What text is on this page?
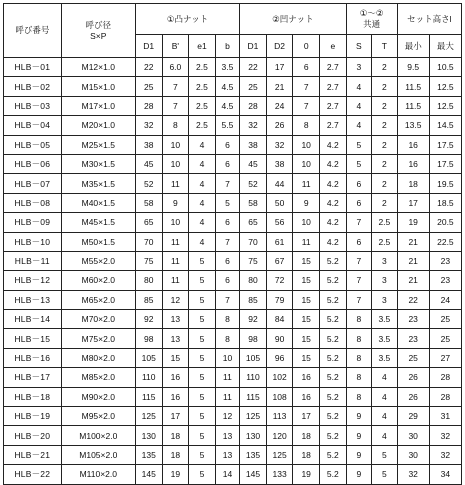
呼び番号	呼び径
S×P	①凸ナット				②凹ナット				①～②
共通		セット高さl	
		D1	B'	e1	b	D1	D2	0	e	S	T	最小	最大
HLB－01	M12×1.0	22	6.0	2.5	3.5	22	17	6	2.7	3	2	9.5	10.5
HLB－02	M15×1.0	25	7	2.5	4.5	25	21	7	2.7	4	2	11.5	12.5
HLB－03	M17×1.0	28	7	2.5	4.5	28	24	7	2.7	4	2	11.5	12.5
HLB－04	M20×1.0	32	8	2.5	5.5	32	26	8	2.7	4	2	13.5	14.5
HLB－05	M25×1.5	38	10	4	6	38	32	10	4.2	5	2	16	17.5
HLB－06	M30×1.5	45	10	4	6	45	38	10	4.2	5	2	16	17.5
HLB－07	M35×1.5	52	11	4	7	52	44	11	4.2	6	2	18	19.5
HLB－08	M40×1.5	58	9	4	5	58	50	9	4.2	6	2	17	18.5
HLB－09	M45×1.5	65	10	4	6	65	56	10	4.2	7	2.5	19	20.5
HLB－10	M50×1.5	70	11	4	7	70	61	11	4.2	6	2.5	21	22.5
HLB－11	M55×2.0	75	11	5	6	75	67	15	5.2	7	3	21	23
HLB－12	M60×2.0	80	11	5	6	80	72	15	5.2	7	3	21	23
HLB－13	M65×2.0	85	12	5	7	85	79	15	5.2	7	3	22	24
HLB－14	M70×2.0	92	13	5	8	92	84	15	5.2	8	3.5	23	25
HLB－15	M75×2.0	98	13	5	8	98	90	15	5.2	8	3.5	23	25
HLB－16	M80×2.0	105	15	5	10	105	96	15	5.2	8	3.5	25	27
HLB－17	M85×2.0	110	16	5	11	110	102	16	5.2	8	4	26	28
HLB－18	M90×2.0	115	16	5	11	115	108	16	5.2	8	4	26	28
HLB－19	M95×2.0	125	17	5	12	125	113	17	5.2	9	4	29	31
HLB－20	M100×2.0	130	18	5	13	130	120	18	5.2	9	4	30	32
HLB－21	M105×2.0	135	18	5	13	135	125	18	5.2	9	5	30	32
HLB－22	M110×2.0	145	19	5	14	145	133	19	5.2	9	5	32	34
